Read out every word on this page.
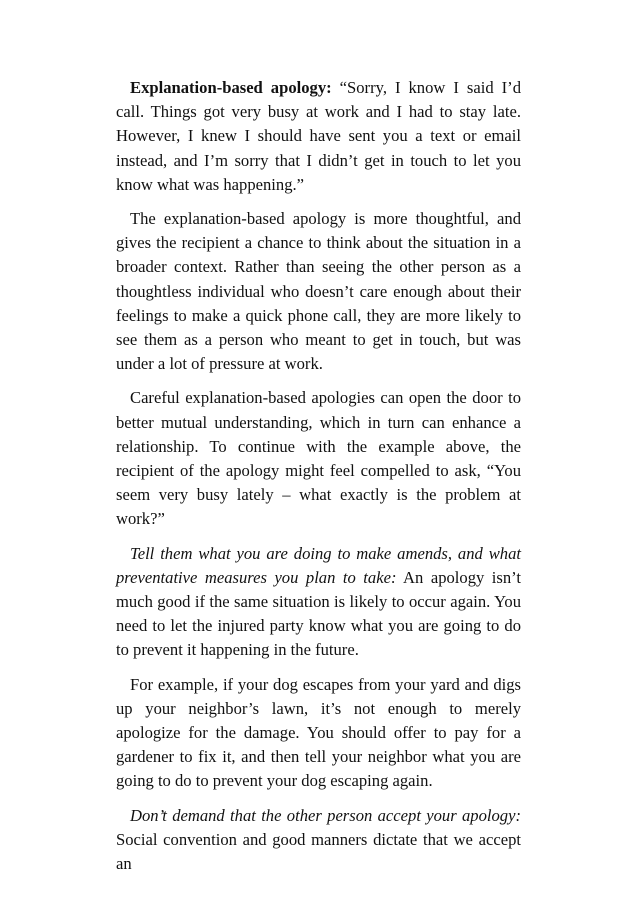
Explanation-based apology: “Sorry, I know I said I’d call. Things got very busy at work and I had to stay late. However, I knew I should have sent you a text or email instead, and I’m sorry that I didn’t get in touch to let you know what was happening.”

The explanation-based apology is more thoughtful, and gives the recipient a chance to think about the situation in a broader context. Rather than seeing the other person as a thoughtless individual who doesn’t care enough about their feelings to make a quick phone call, they are more likely to see them as a person who meant to get in touch, but was under a lot of pressure at work.

Careful explanation-based apologies can open the door to better mutual understanding, which in turn can enhance a relationship. To continue with the example above, the recipient of the apology might feel compelled to ask, “You seem very busy lately – what exactly is the problem at work?”

Tell them what you are doing to make amends, and what preventative measures you plan to take: An apology isn’t much good if the same situation is likely to occur again. You need to let the injured party know what you are going to do to prevent it happening in the future.

For example, if your dog escapes from your yard and digs up your neighbor’s lawn, it’s not enough to merely apologize for the damage. You should offer to pay for a gardener to fix it, and then tell your neighbor what you are going to do to prevent your dog escaping again.

Don’t demand that the other person accept your apology: Social convention and good manners dictate that we accept an
